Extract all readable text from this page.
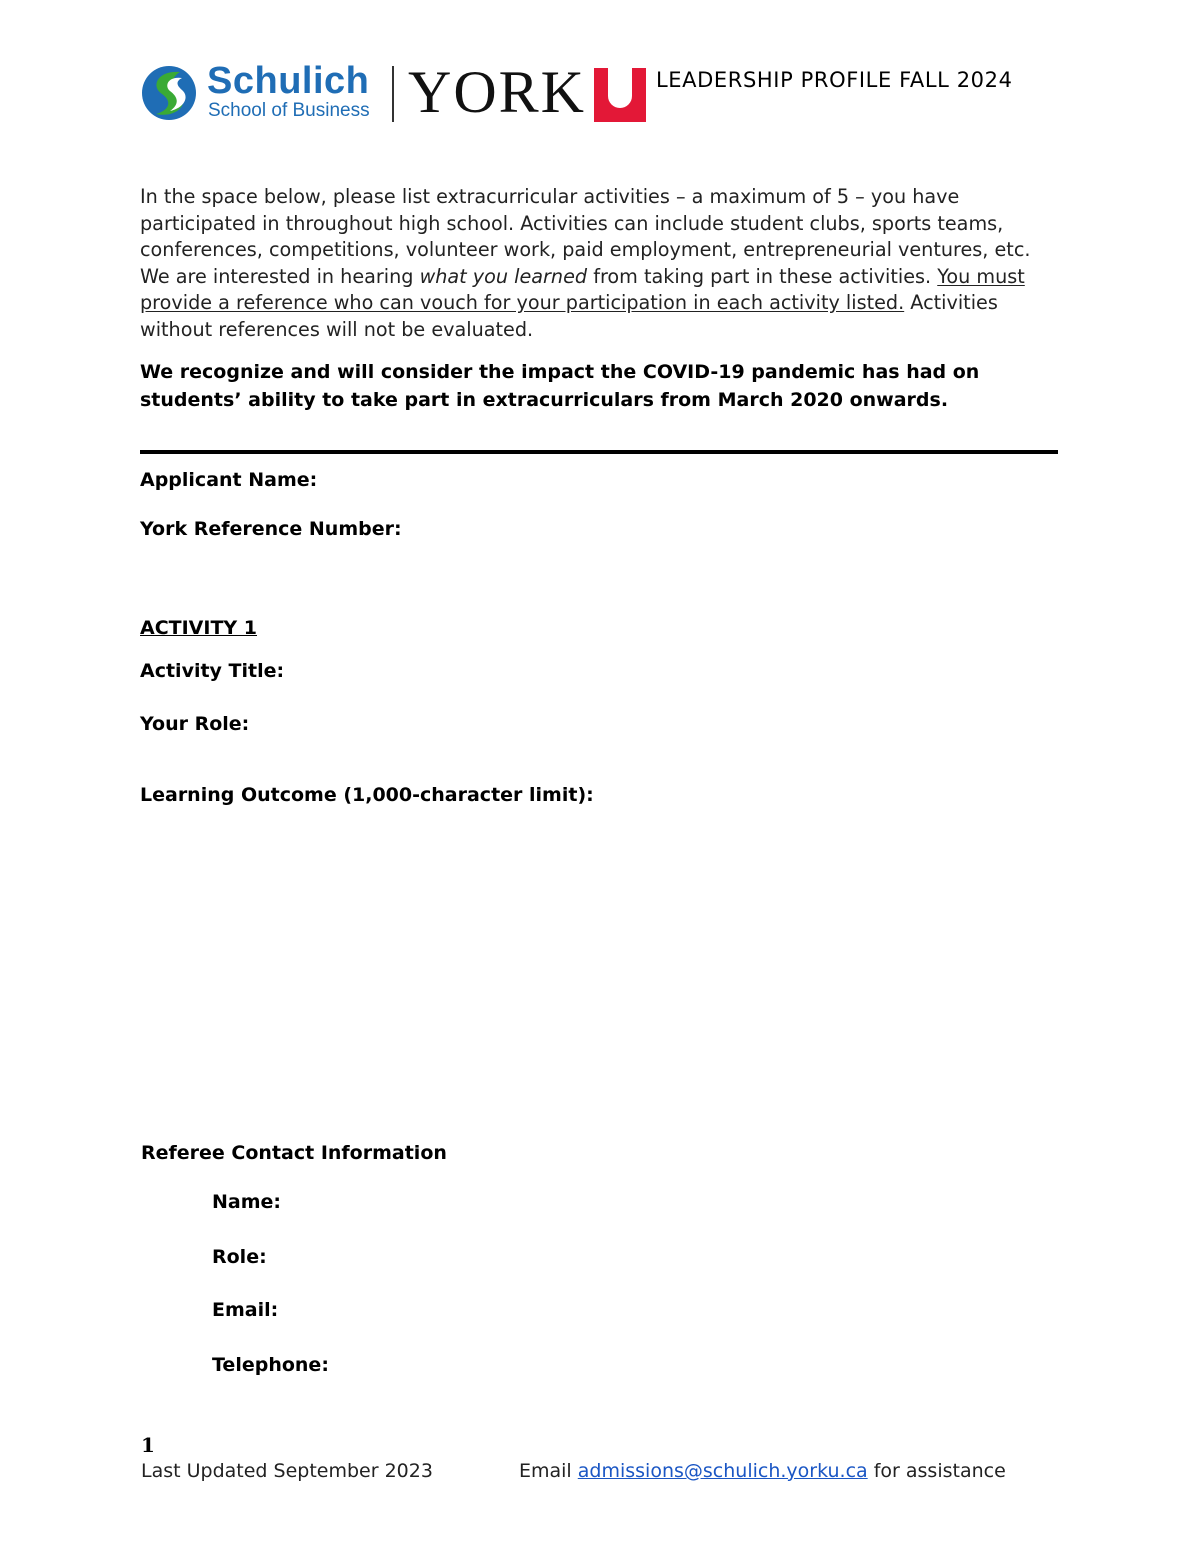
Schulich
School of Business YORK	LEADERSHIP PROFILE FALL 2024
In the space below, please list extracurricular activities – a maximum of 5 – you have participated in throughout high school. Activities can include student clubs, sports teams, conferences, competitions, volunteer work, paid employment, entrepreneurial ventures, etc. We are interested in hearing what you learned from taking part in these activities. You must provide a reference who can vouch for your participation in each activity listed. Activities without references will not be evaluated.
We recognize and will consider the impact the COVID-19 pandemic has had on students’ ability to take part in extracurriculars from March 2020 onwards.
Applicant Name:
York Reference Number:
ACTIVITY 1
Activity Title:
Your Role:
Learning Outcome (1,000-character limit):
Referee Contact Information
Name:
Role:
Email:
Telephone:
1
Last Updated September 2023	Email admissions@schulich.yorku.ca for assistance
